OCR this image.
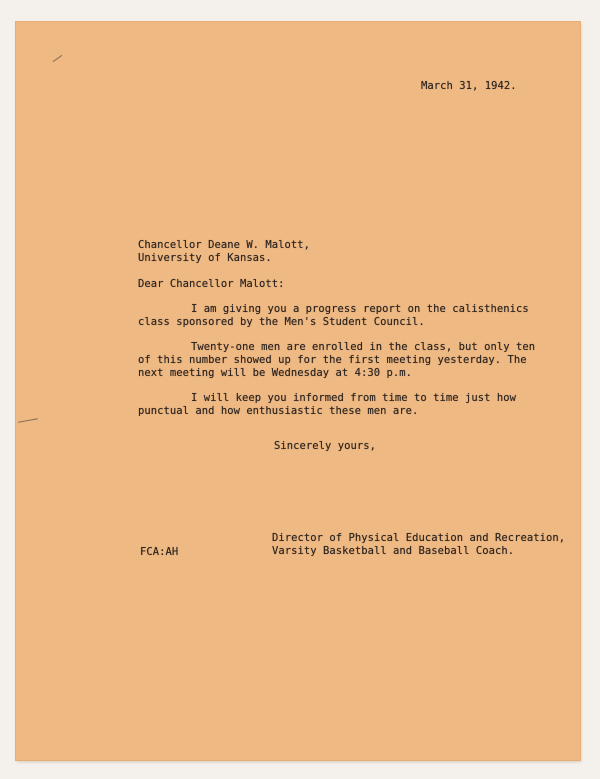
March 31, 1942.
Chancellor Deane W. Malott,
University of Kansas.
Dear Chancellor Malott:
I am giving you a progress report on the calisthenics
class sponsored by the Men's Student Council.
Twenty-one men are enrolled in the class, but only ten
of this number showed up for the first meeting yesterday. The
next meeting will be Wednesday at 4:30 p.m.
I will keep you informed from time to time just how
punctual and how enthusiastic these men are.
Sincerely yours,
Director of Physical Education and Recreation,
Varsity Basketball and Baseball Coach.
FCA:AH
